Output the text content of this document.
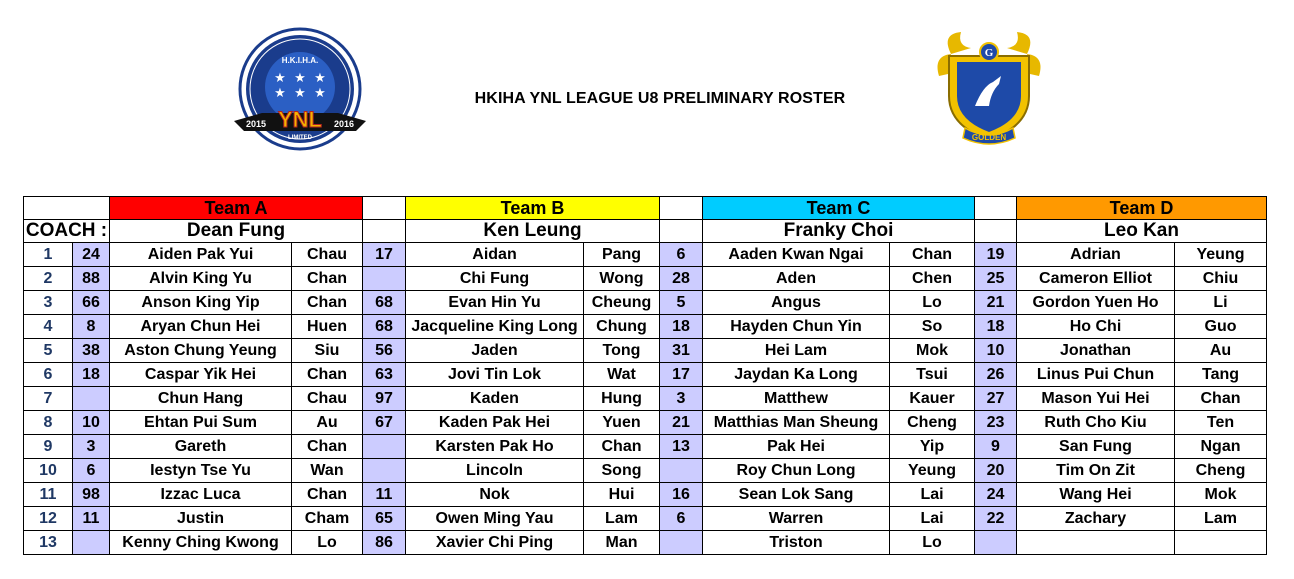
H.K.I.H.A.
★ ★ ★
★ ★ ★
2015	2016
YNL
LIMITED
G
GOLDEN
HKIHA YNL LEAGUE U8 PRELIMINARY ROSTER
		Team A			Team B			Team C			Team D	
COACH :		Dean Fung			Ken Leung			Franky Choi			Leo Kan	
1	24	Aiden Pak Yui	Chau	17	Aidan	Pang	6	Aaden Kwan Ngai	Chan	19	Adrian	Yeung
2	88	Alvin King Yu	Chan		Chi Fung	Wong	28	Aden	Chen	25	Cameron Elliot	Chiu
3	66	Anson King Yip	Chan	68	Evan Hin Yu	Cheung	5	Angus	Lo	21	Gordon Yuen Ho	Li
4	8	Aryan Chun Hei	Huen	68	Jacqueline King Long	Chung	18	Hayden Chun Yin	So	18	Ho Chi	Guo
5	38	Aston Chung Yeung	Siu	56	Jaden	Tong	31	Hei Lam	Mok	10	Jonathan	Au
6	18	Caspar Yik Hei	Chan	63	Jovi Tin Lok	Wat	17	Jaydan Ka Long	Tsui	26	Linus Pui Chun	Tang
7		Chun Hang	Chau	97	Kaden	Hung	3	Matthew	Kauer	27	Mason Yui Hei	Chan
8	10	Ehtan Pui Sum	Au	67	Kaden Pak Hei	Yuen	21	Matthias Man Sheung	Cheng	23	Ruth Cho Kiu	Ten
9	3	Gareth	Chan		Karsten Pak Ho	Chan	13	Pak Hei	Yip	9	San Fung	Ngan
10	6	Iestyn Tse Yu	Wan		Lincoln	Song		Roy Chun Long	Yeung	20	Tim On Zit	Cheng
11	98	Izzac Luca	Chan	11	Nok	Hui	16	Sean Lok Sang	Lai	24	Wang Hei	Mok
12	11	Justin	Cham	65	Owen Ming Yau	Lam	6	Warren	Lai	22	Zachary	Lam
13		Kenny Ching Kwong	Lo	86	Xavier Chi Ping	Man		Triston	Lo			
